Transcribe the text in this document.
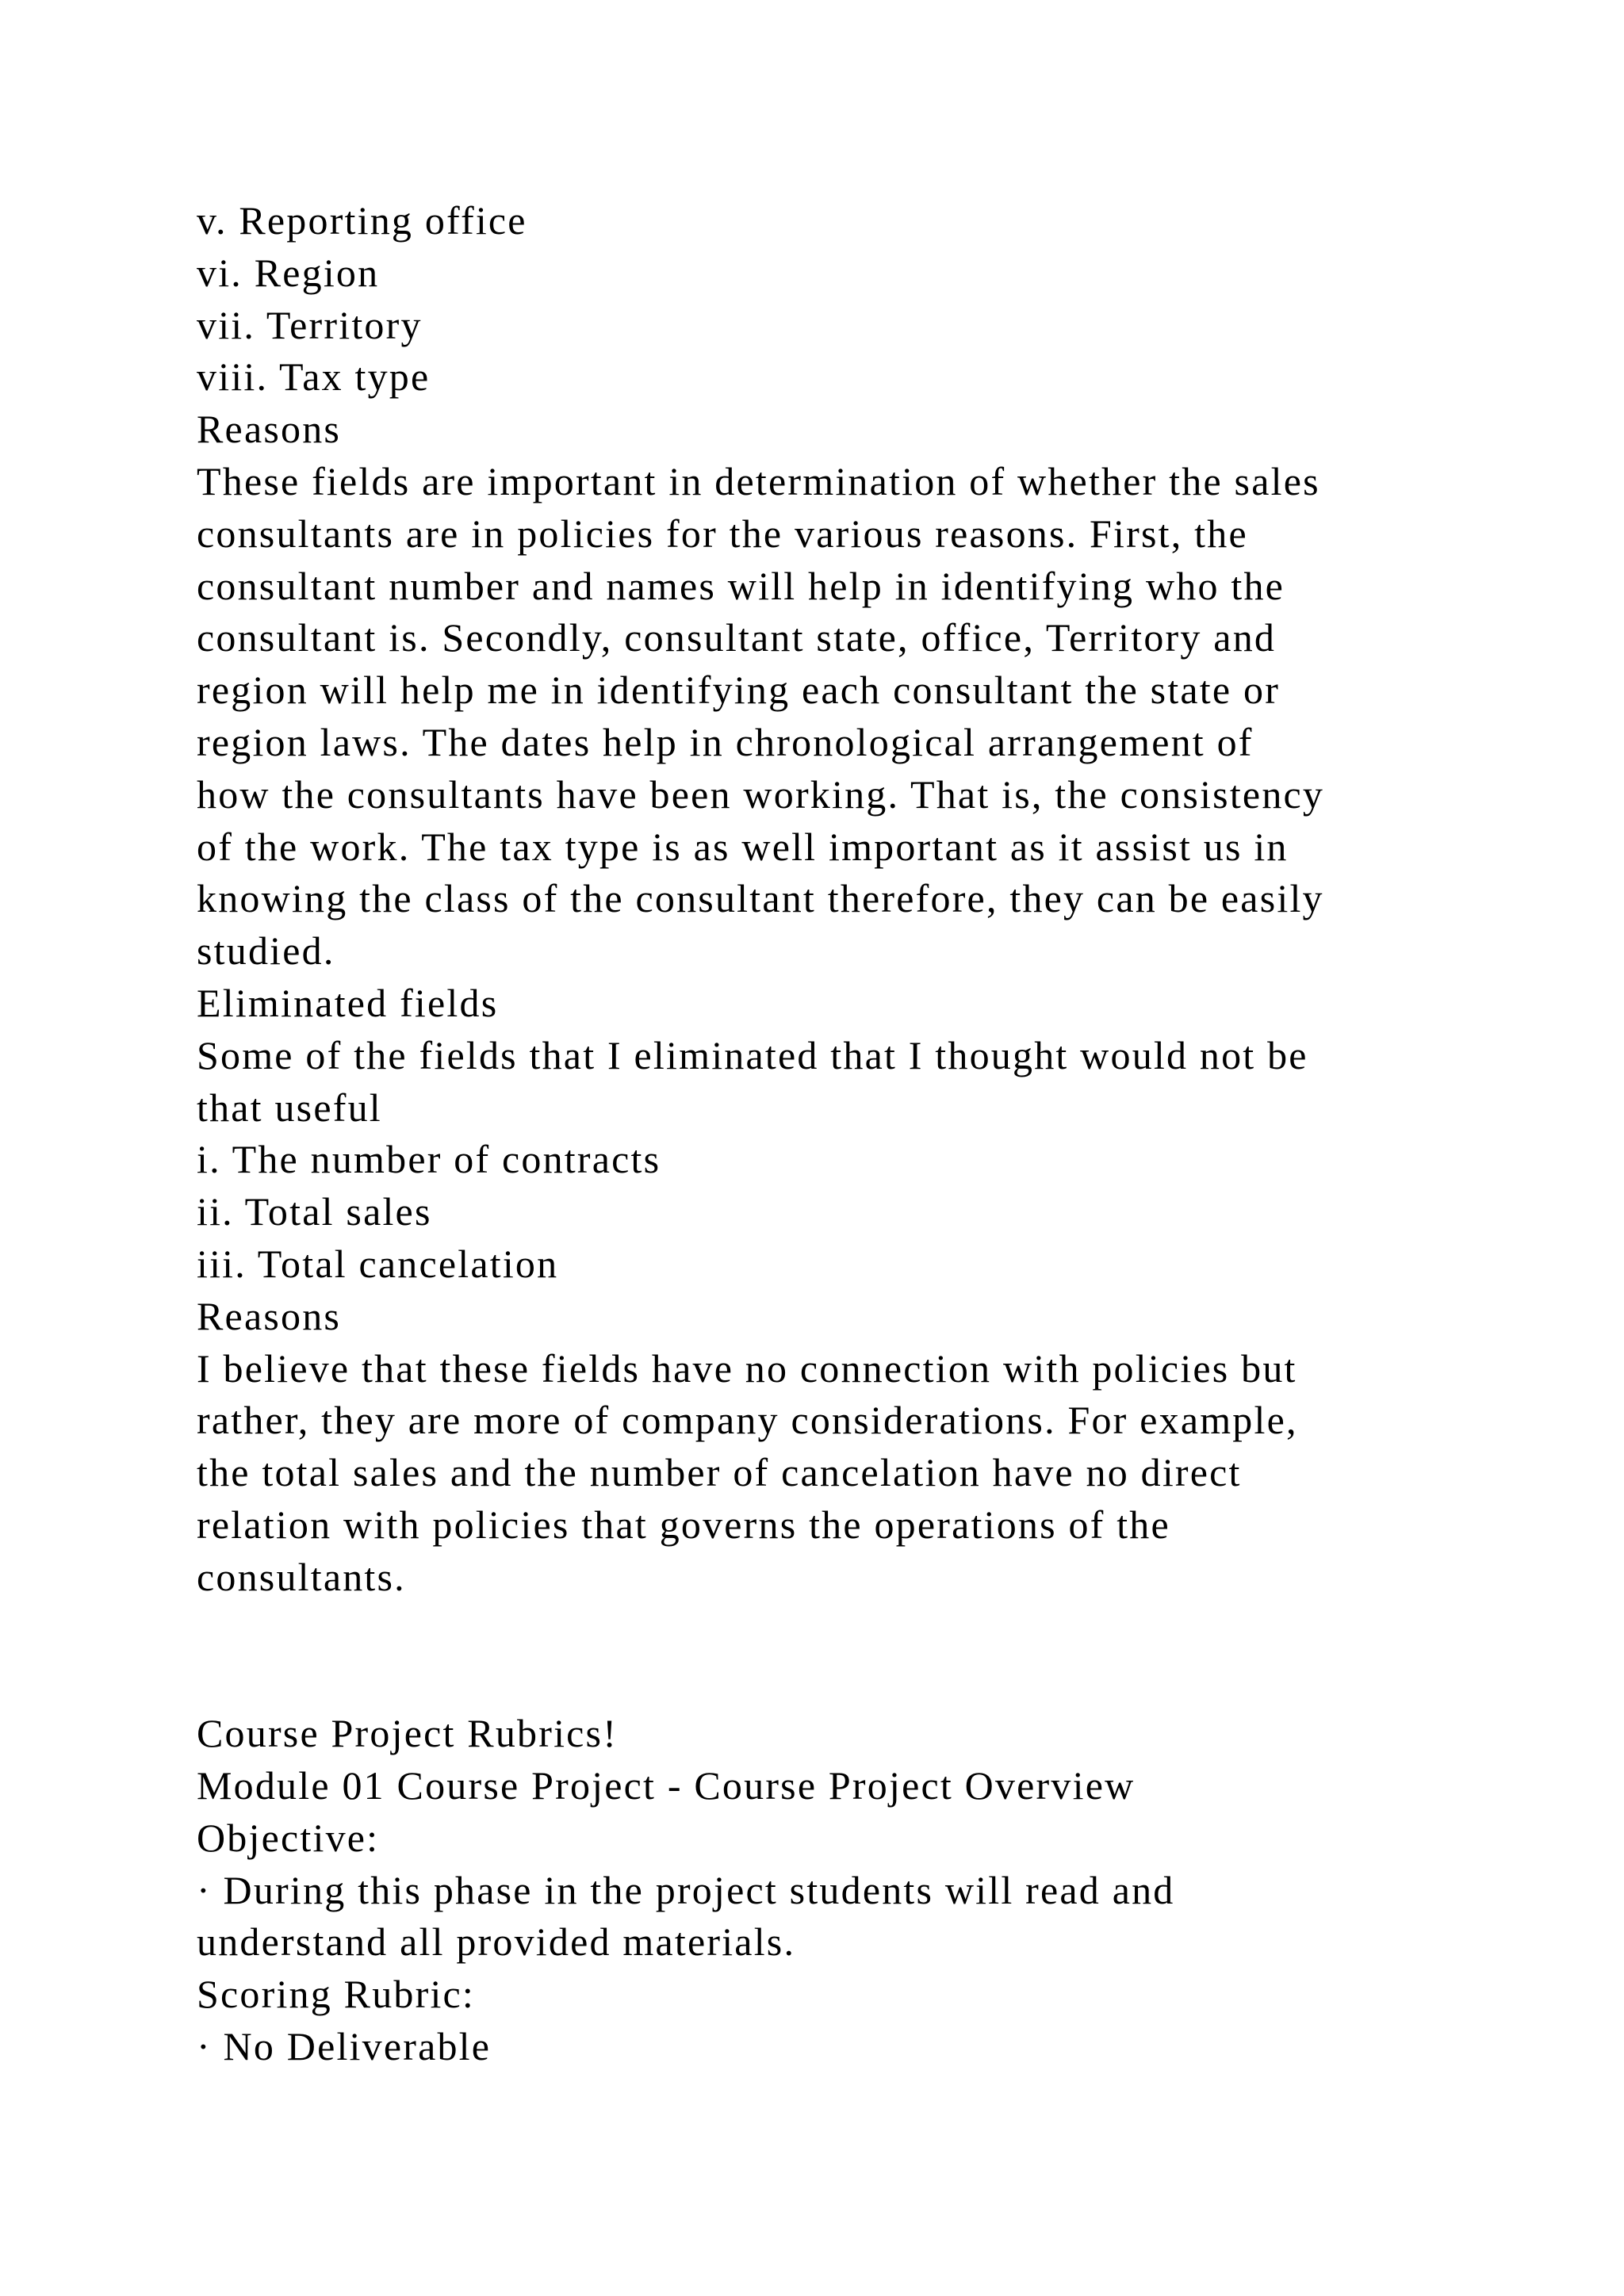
v. Reporting office
vi. Region
vii. Territory
viii. Tax type
Reasons
These fields are important in determination of whether the sales
consultants are in policies for the various reasons. First, the
consultant number and names will help in identifying who the
consultant is. Secondly, consultant state, office, Territory and
region will help me in identifying each consultant the state or
region laws. The dates help in chronological arrangement of
how the consultants have been working. That is, the consistency
of the work. The tax type is as well important as it assist us in
knowing the class of the consultant therefore, they can be easily
studied.
Eliminated fields
Some of the fields that I eliminated that I thought would not be
that useful
i. The number of contracts
ii. Total sales
iii. Total cancelation
Reasons
I believe that these fields have no connection with policies but
rather, they are more of company considerations. For example,
the total sales and the number of cancelation have no direct
relation with policies that governs the operations of the
consultants.
Course Project Rubrics!
Module 01 Course Project - Course Project Overview
Objective:
· During this phase in the project students will read and
understand all provided materials.
Scoring Rubric:
· No Deliverable
